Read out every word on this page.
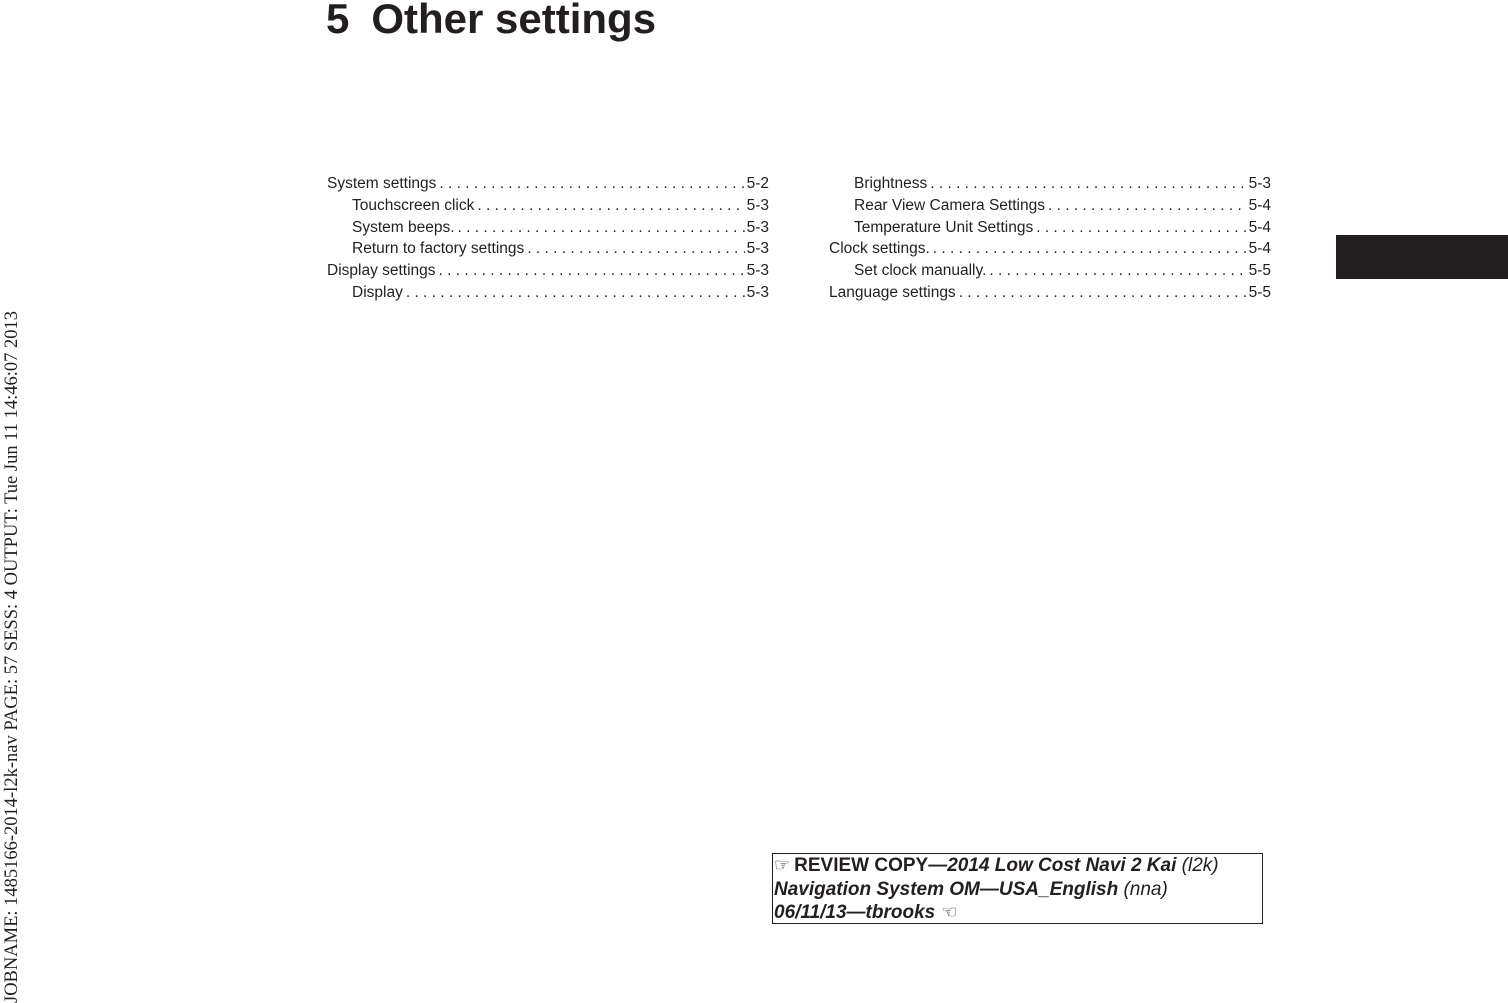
JOBNAME: 1485166-2014-l2k-nav PAGE: 57 SESS: 4 OUTPUT: Tue Jun 11 14:46:07 2013
5 Other settings
System settings . . .	5-2
Touchscreen click . . .	5-3
System beeps. . . .	5-3
Return to factory settings . . .	5-3
Display settings . . .	5-3
Display . . .	5-3
Brightness . . .	5-3
Rear View Camera Settings . . .	5-4
Temperature Unit Settings . . .	5-4
Clock settings. . . .	5-4
Set clock manually. . . .	5-5
Language settings . . .	5-5
☞ REVIEW COPY—2014 Low Cost Navi 2 Kai (l2k)
Navigation System OM—USA_English (nna)
06/11/13—tbrooks ☜
